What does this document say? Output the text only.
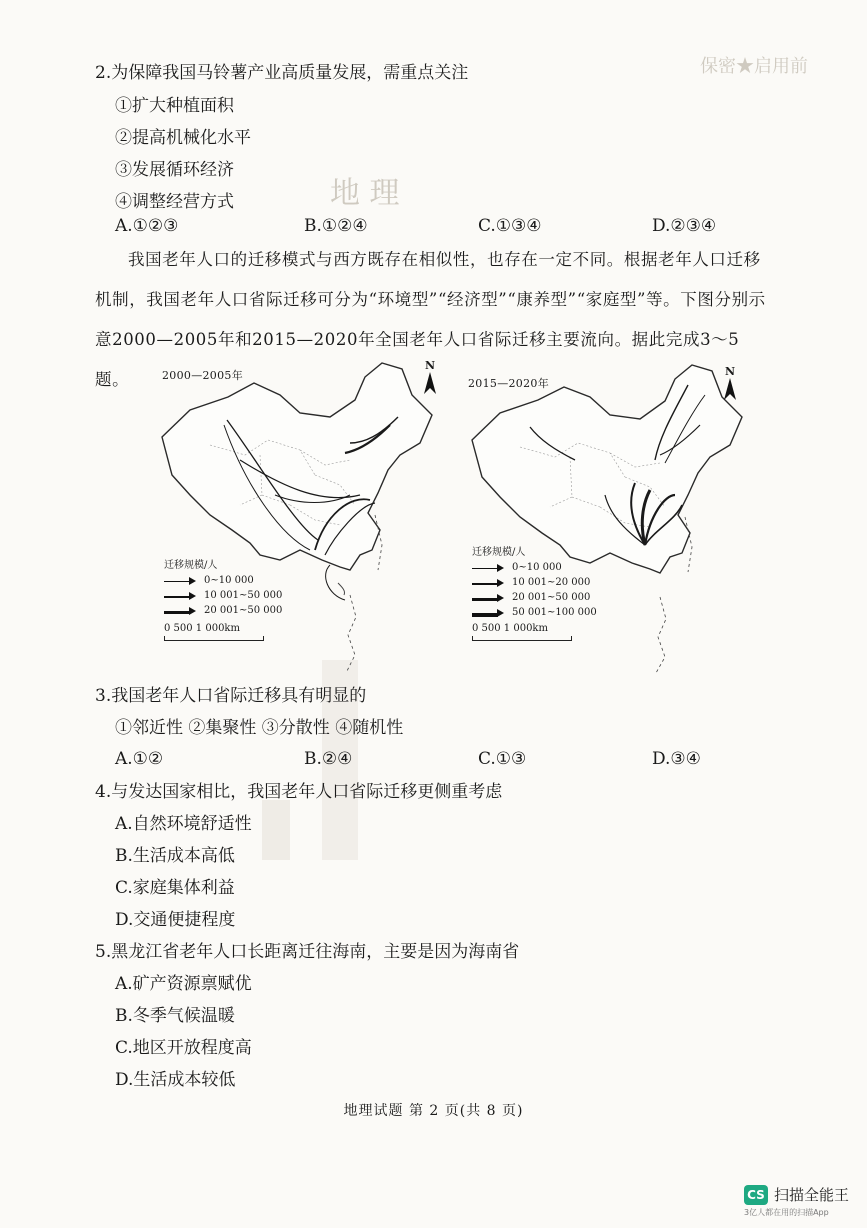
保密★启用前
地 理
2.为保障我国马铃薯产业高质量发展，需重点关注
①扩大种植面积
②提高机械化水平
③发展循环经济
④调整经营方式
A.①②③	B.①②④	C.①③④	D.②③④
我国老年人口的迁移模式与西方既存在相似性，也存在一定不同。根据老年人口迁移机制，我国老年人口省际迁移可分为“环境型”“经济型”“康养型”“家庭型”等。下图分别示意2000—2005年和2015—2020年全国老年人口省际迁移主要流向。据此完成3～5题。	2000—2005年
迁移规模/人
0~10 000
10 001~50 000
20 001~50 000
0 500 1 000km
N
2015—2020年
迁移规模/人
0~10 000
10 001~20 000
20 001~50 000
50 001~100 000
0 500 1 000km
N
3.我国老年人口省际迁移具有明显的
①邻近性 ②集聚性 ③分散性 ④随机性
A.①②	B.②④	C.①③	D.③④
4.与发达国家相比，我国老年人口省际迁移更侧重考虑
A.自然环境舒适性
B.生活成本高低
C.家庭集体利益
D.交通便捷程度
5.黑龙江省老年人口长距离迁往海南，主要是因为海南省
A.矿产资源禀赋优
B.冬季气候温暖
C.地区开放程度高
D.生活成本较低
地理试题 第 2 页(共 8 页)
CS 扫描全能王
3亿人都在用的扫描App
